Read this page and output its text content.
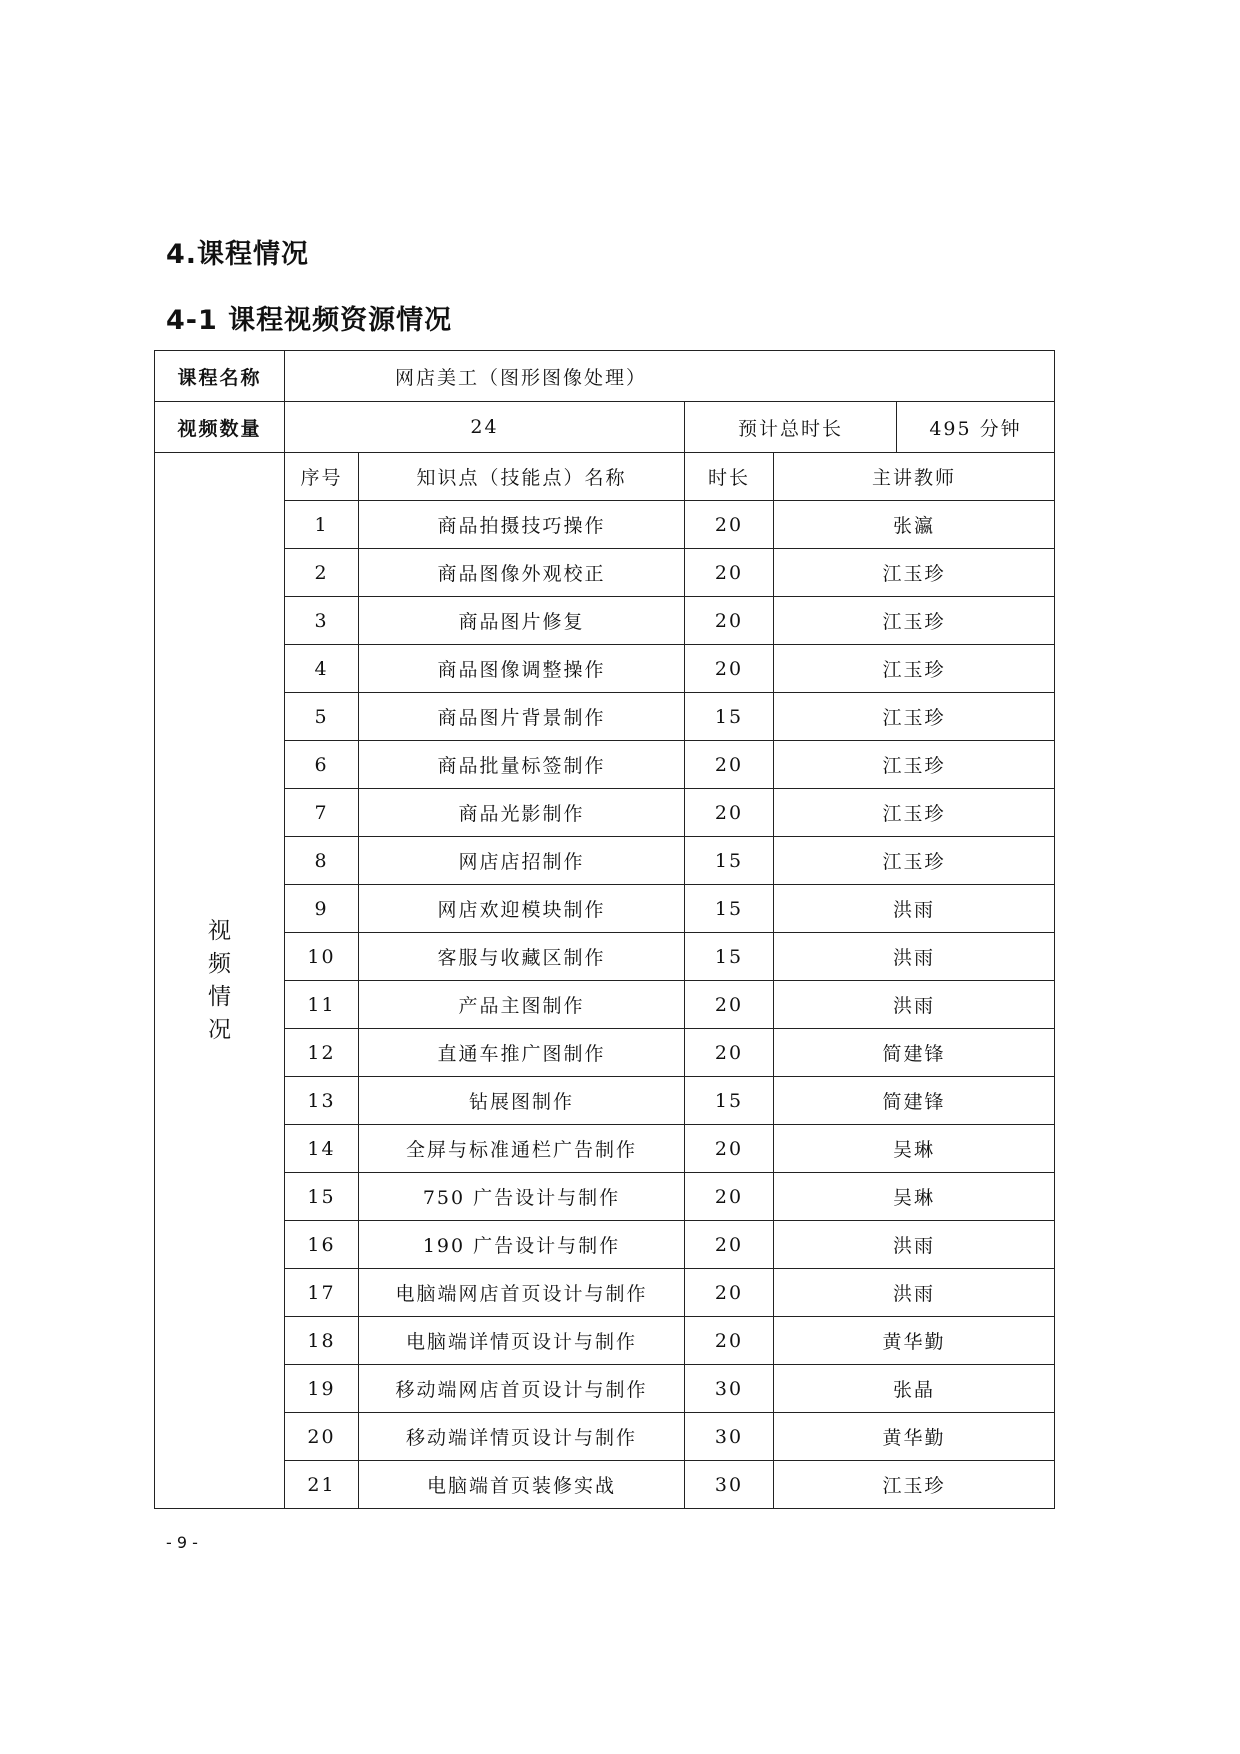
4.课程情况
4-1 课程视频资源情况
课程名称	网店美工（图形图像处理）			
视频数量	24		预计总时长 495 分钟	

视频情况	序号	知识点（技能点）名称	时长	主讲教师
	1	商品拍摄技巧操作	20	张瀛
	2	商品图像外观校正	20	江玉珍
	3	商品图片修复	20	江玉珍
	4	商品图像调整操作	20	江玉珍
	5	商品图片背景制作	15	江玉珍
	6	商品批量标签制作	20	江玉珍
	7	商品光影制作	20	江玉珍
	8	网店店招制作	15	江玉珍
	9	网店欢迎模块制作	15	洪雨
	10	客服与收藏区制作	15	洪雨
	11	产品主图制作	20	洪雨
	12	直通车推广图制作	20	简建锋
	13	钻展图制作	15	简建锋
	14	全屏与标准通栏广告制作	20	吴琳
	15	750 广告设计与制作	20	吴琳
	16	190 广告设计与制作	20	洪雨
	17	电脑端网店首页设计与制作	20	洪雨
	18	电脑端详情页设计与制作	20	黄华勤
	19	移动端网店首页设计与制作	30	张晶
	20	移动端详情页设计与制作	30	黄华勤
	21	电脑端首页装修实战	30	江玉珍
- 9 -
